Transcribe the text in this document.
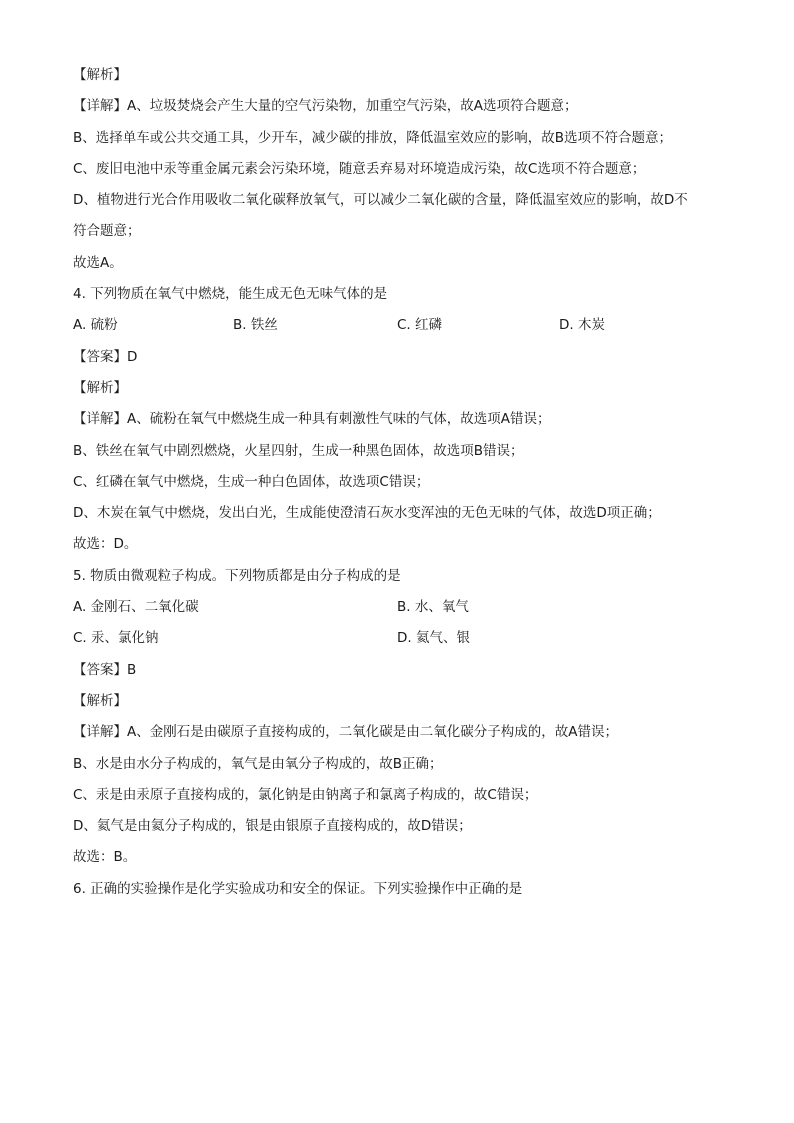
【解析】
【详解】A、垃圾焚烧会产生大量的空气污染物，加重空气污染，故A选项符合题意；
B、选择单车或公共交通工具，少开车，减少碳的排放，降低温室效应的影响，故B选项不符合题意；
C、废旧电池中汞等重金属元素会污染环境，随意丢弃易对环境造成污染，故C选项不符合题意；
D、植物进行光合作用吸收二氧化碳释放氧气，可以减少二氧化碳的含量，降低温室效应的影响，故D不
符合题意；
故选A。
4. 下列物质在氧气中燃烧，能生成无色无味气体的是
A. 硫粉	B. 铁丝	C. 红磷	D. 木炭
【答案】D
【解析】
【详解】A、硫粉在氧气中燃烧生成一种具有刺激性气味的气体，故选项A错误；
B、铁丝在氧气中剧烈燃烧，火星四射，生成一种黑色固体，故选项B错误；
C、红磷在氧气中燃烧，生成一种白色固体，故选项C错误；
D、木炭在氧气中燃烧，发出白光，生成能使澄清石灰水变浑浊的无色无味的气体，故选D项正确；
故选：D。
5. 物质由微观粒子构成。下列物质都是由分子构成的是
A. 金刚石、二氧化碳	B. 水、氧气
C. 汞、氯化钠	D. 氦气、银
【答案】B
【解析】
【详解】A、金刚石是由碳原子直接构成的，二氧化碳是由二氧化碳分子构成的，故A错误；
B、水是由水分子构成的，氧气是由氧分子构成的，故B正确；
C、汞是由汞原子直接构成的，氯化钠是由钠离子和氯离子构成的，故C错误；
D、氦气是由氦分子构成的，银是由银原子直接构成的，故D错误；
故选：B。
6. 正确的实验操作是化学实验成功和安全的保证。下列实验操作中正确的是
